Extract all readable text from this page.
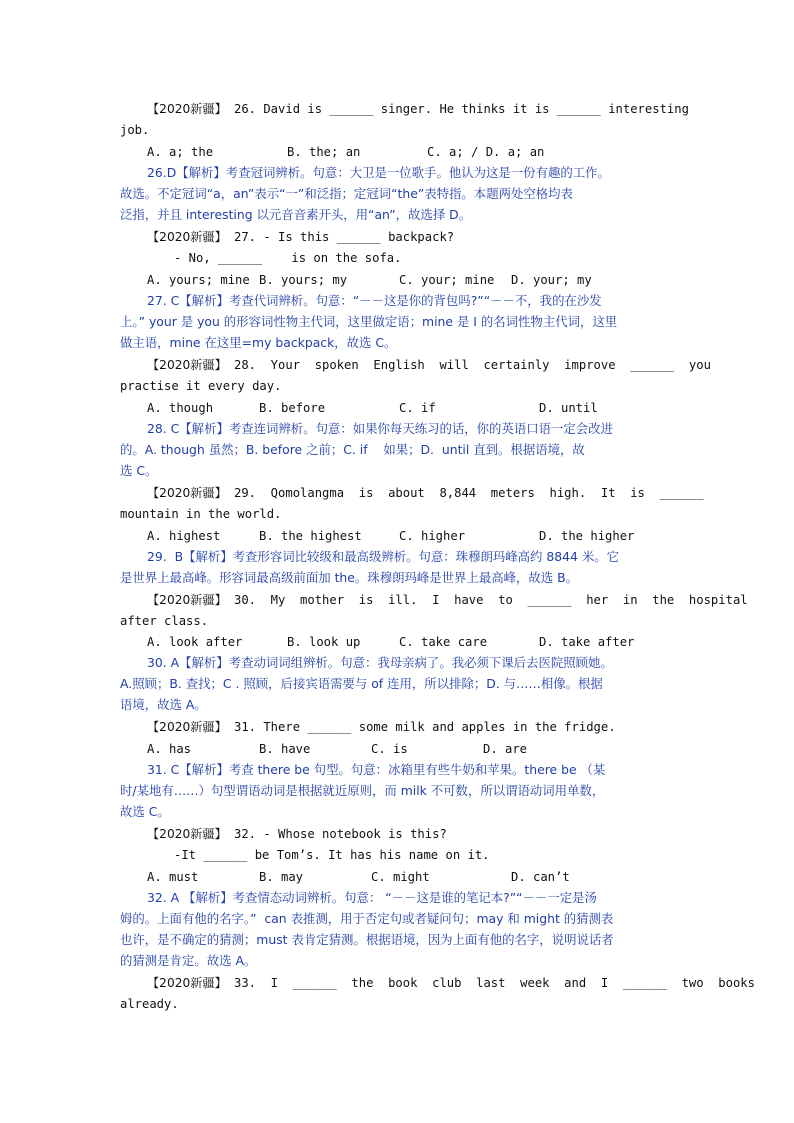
【2020新疆】 26. David is ______ singer. He thinks it is ______ interesting
job.
A. a; the	B. the; an	C. a; / D. a; an
26.D【解析】考查冠词辨析。句意：大卫是一位歌手。他认为这是一份有趣的工作。
故选。不定冠词“a，an”表示“一”和泛指；定冠词“the”表特指。本题两处空格均表
泛指，并且 interesting 以元音音素开头，用“an”，故选择 D。
【2020新疆】 27. - Is this ______ backpack?
- No, ______    is on the sofa.
A. yours; mine B. yours; my	C. your; mine D. your; my
27. C【解析】考查代词辨析。句意：“－－这是你的背包吗?”“－－不，我的在沙发
上。” your 是 you 的形容词性物主代词，这里做定语；mine 是 I 的名词性物主代词，这里
做主语，mine 在这里=my backpack，故选 C。
【2020新疆】 28.  Your  spoken  English  will  certainly  improve  ______  you
practise it every day.
A. though	B. before	C. if	D. until
28. C【解析】考查连词辨析。句意：如果你每天练习的话，你的英语口语一定会改进
的。A. though 虽然；B. before 之前；C. if    如果；D.  until 直到。根据语境，故
选 C。
【2020新疆】 29.  Qomolangma  is  about  8,844  meters  high.  It  is  ______
mountain in the world.
A. highest	B. the highest	C. higher	D. the higher
29.  B【解析】考查形容词比较级和最高级辨析。句意：珠穆朗玛峰高约 8844 米。它
是世界上最高峰。形容词最高级前面加 the。珠穆朗玛峰是世界上最高峰，故选 B。
【2020新疆】 30.  My  mother  is  ill.  I  have  to  ______  her  in  the  hospital
after class.
A. look after	B. look up	C. take care	D. take after
30. A【解析】考查动词词组辨析。句意：我母亲病了。我必须下课后去医院照顾她。
A.照顾；B. 查找；C . 照顾，后接宾语需要与 of 连用，所以排除；D. 与……相像。根据
语境，故选 A。
【2020新疆】 31. There ______ some milk and apples in the fridge.
A. has	B. have	C. is	D. are
31. C【解析】考查 there be 句型。句意：冰箱里有些牛奶和苹果。there be （某
时/某地有……）句型谓语动词是根据就近原则，而 milk 不可数，所以谓语动词用单数，
故选 C。
【2020新疆】 32. - Whose notebook is this?
-It ______ be Tom’s. It has his name on it.
A. must	B. may	C. might	D. can’t
32. A 【解析】考查情态动词辨析。句意： “－－这是谁的笔记本?”“－－一定是汤
姆的。上面有他的名字。”  can 表推测，用于否定句或者疑问句；may 和 might 的猜测表
也许，是不确定的猜测；must 表肯定猜测。根据语境，因为上面有他的名字，说明说话者
的猜测是肯定。故选 A。
【2020新疆】 33.  I  ______  the  book  club  last  week  and  I  ______  two  books
already.
